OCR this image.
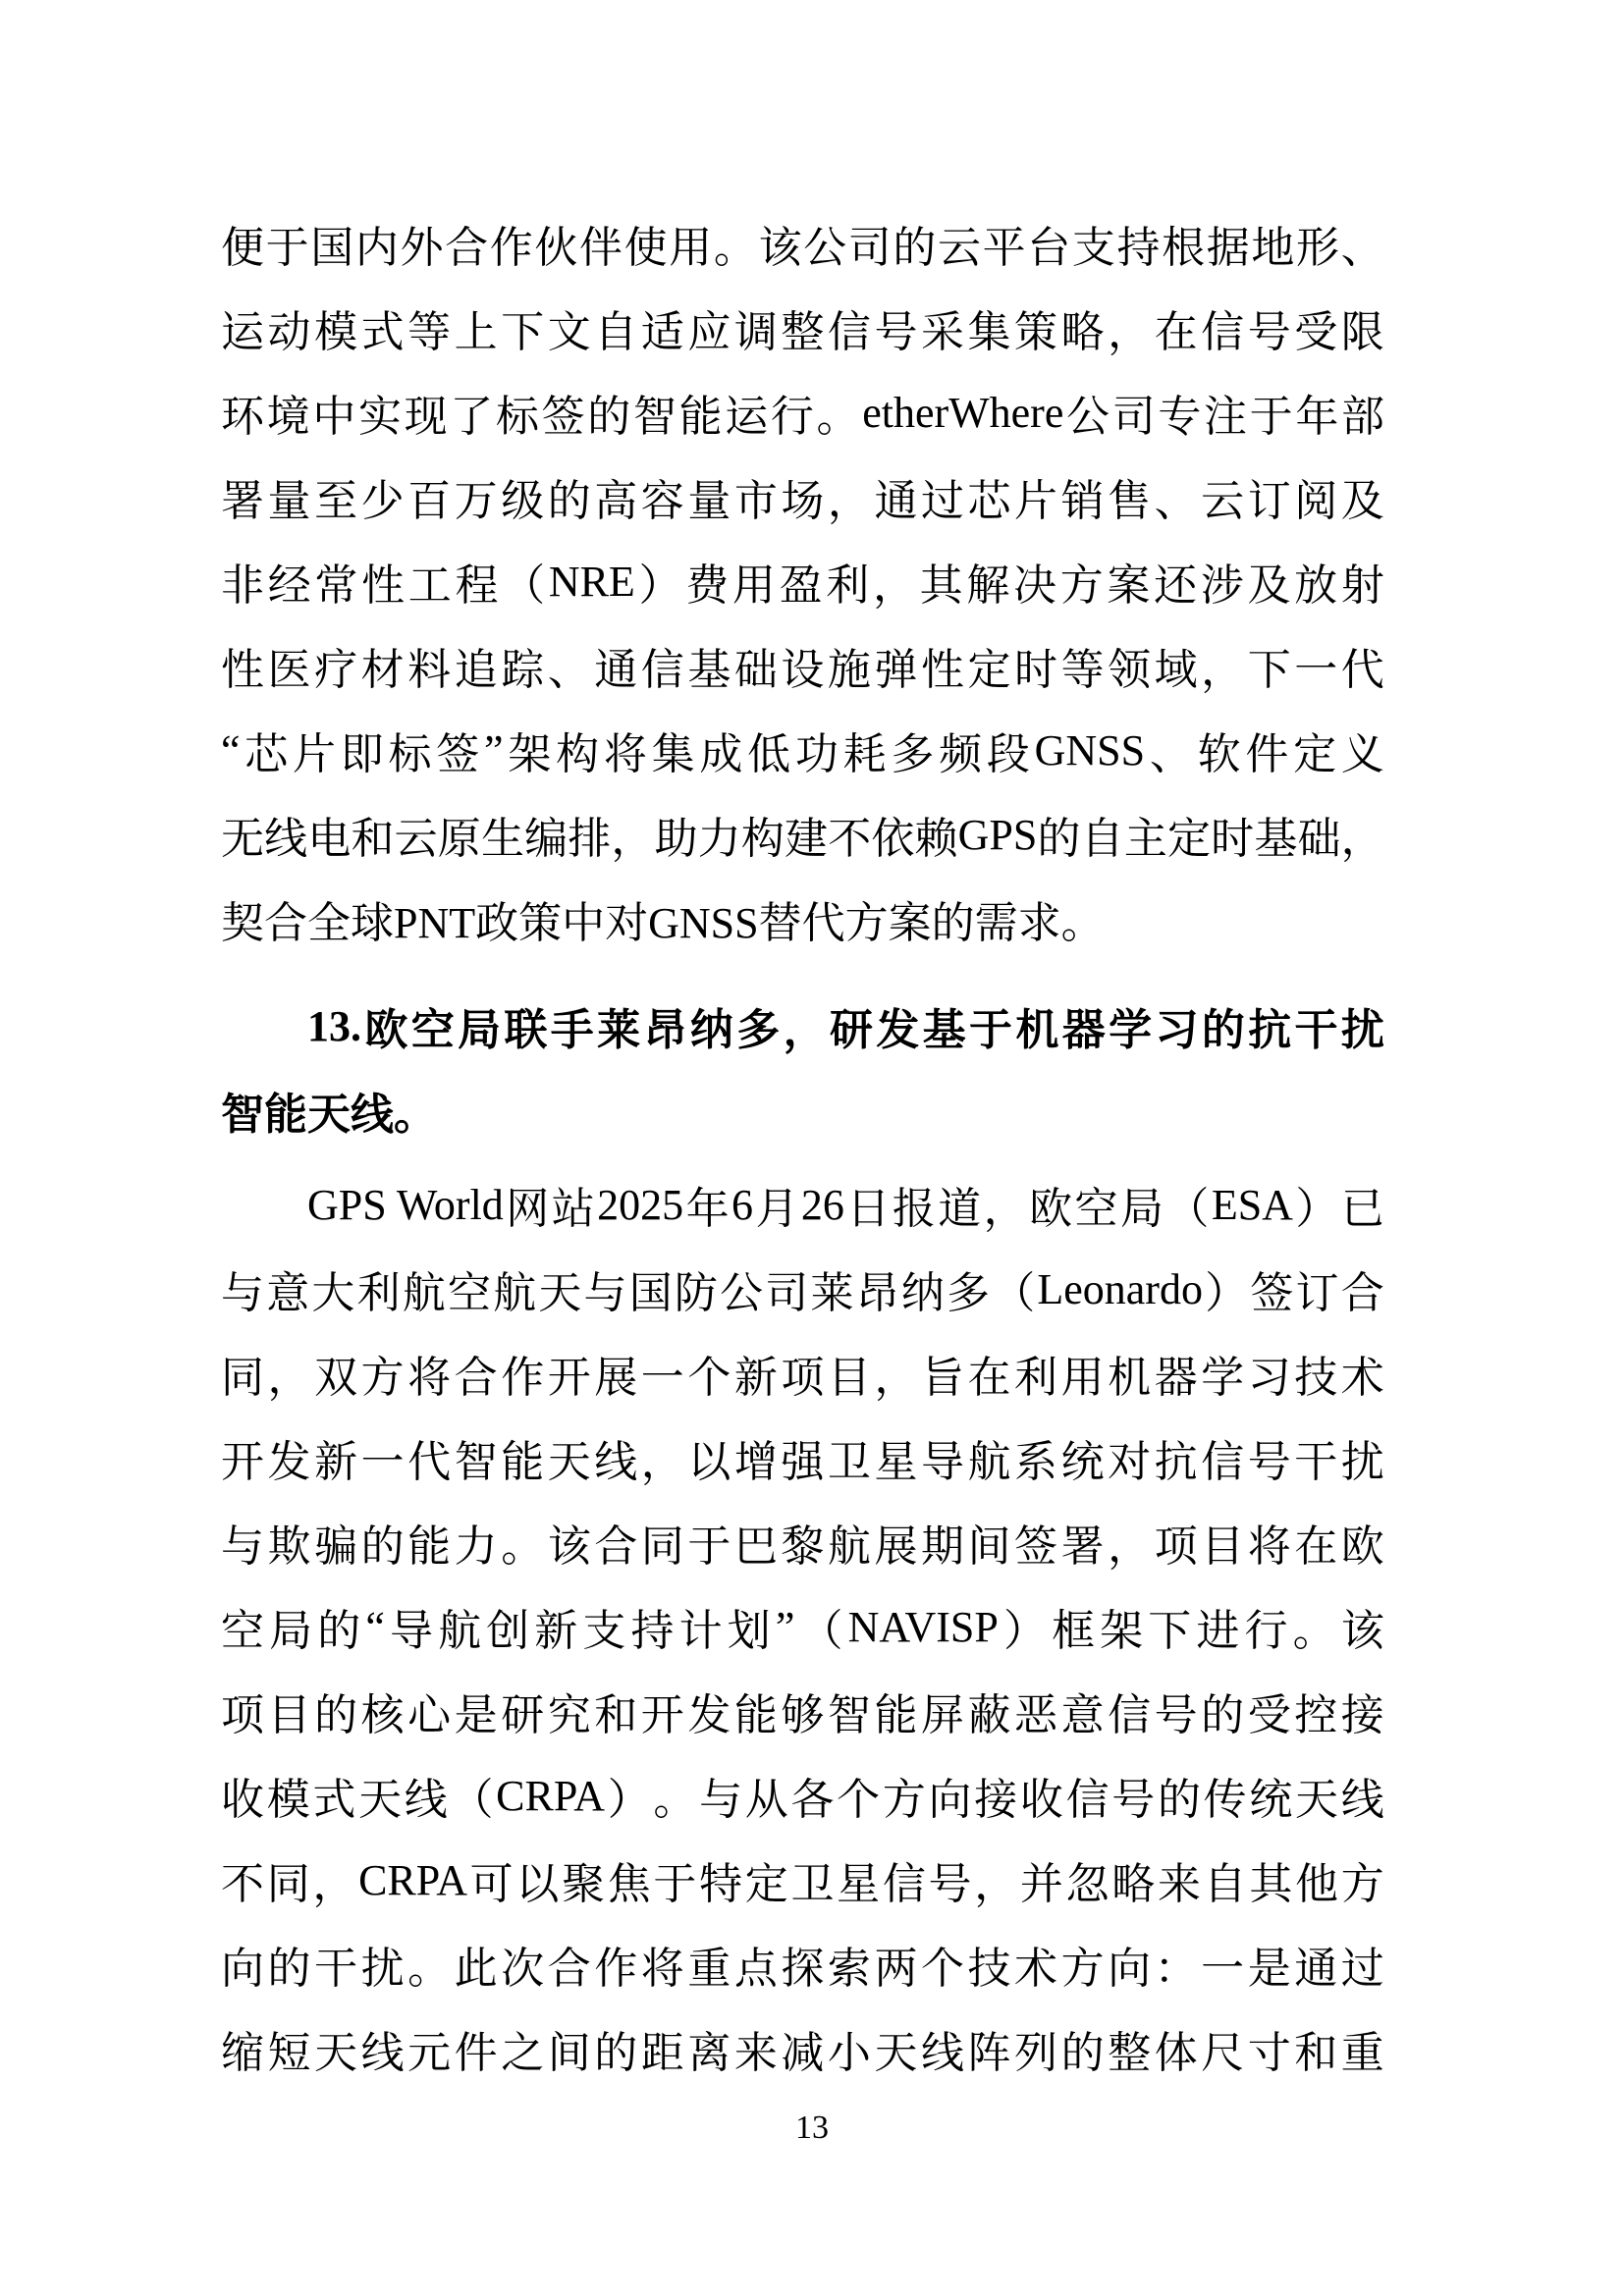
便 于 国 内 外 合 作 伙 伴 使 用 。 该 公 司 的 云 平 台 支 持 根 据 地 形 、
运 动 模 式 等 上 下 文 自 适 应 调 整 信 号 采 集 策 略 ， 在 信 号 受 限
环 境 中 实 现 了 标 签 的 智 能 运 行 。 etherWhere 公 司 专 注 于 年 部
署 量 至 少 百 万 级 的 高 容 量 市 场 ， 通 过 芯 片 销 售 、 云 订 阅 及
非 经 常 性 工 程 （ NRE ） 费 用 盈 利 ， 其 解 决 方 案 还 涉 及 放 射
性 医 疗 材 料 追 踪 、 通 信 基 础 设 施 弹 性 定 时 等 领 域 ， 下 一 代
“ 芯 片 即 标 签 ” 架 构 将 集 成 低 功 耗 多 频 段 GNSS 、 软 件 定 义
无 线 电 和 云 原 生 编 排 ， 助 力 构 建 不 依 赖 GPS 的 自 主 定 时 基 础 ，
契合全球PNT政策中对GNSS替代方案的需求。
13. 欧 空 局 联 手 莱 昂 纳 多 ， 研 发 基 于 机 器 学 习 的 抗 干 扰
智能天线。
GPS World 网 站 2025 年 6 月 26 日 报 道 ， 欧 空 局 （ ESA ） 已
与 意 大 利 航 空 航 天 与 国 防 公 司 莱 昂 纳 多 （ Leonardo ） 签 订 合
同 ， 双 方 将 合 作 开 展 一 个 新 项 目 ， 旨 在 利 用 机 器 学 习 技 术
开 发 新 一 代 智 能 天 线 ， 以 增 强 卫 星 导 航 系 统 对 抗 信 号 干 扰
与 欺 骗 的 能 力 。 该 合 同 于 巴 黎 航 展 期 间 签 署 ， 项 目 将 在 欧
空 局 的 “ 导 航 创 新 支 持 计 划 ” （ NAVISP ） 框 架 下 进 行 。 该
项 目 的 核 心 是 研 究 和 开 发 能 够 智 能 屏 蔽 恶 意 信 号 的 受 控 接
收 模 式 天 线 （ CRPA ） 。 与 从 各 个 方 向 接 收 信 号 的 传 统 天 线
不 同 ， CRPA 可 以 聚 焦 于 特 定 卫 星 信 号 ， 并 忽 略 来 自 其 他 方
向 的 干 扰 。 此 次 合 作 将 重 点 探 索 两 个 技 术 方 向 ： 一 是 通 过
缩 短 天 线 元 件 之 间 的 距 离 来 减 小 天 线 阵 列 的 整 体 尺 寸 和 重
13
